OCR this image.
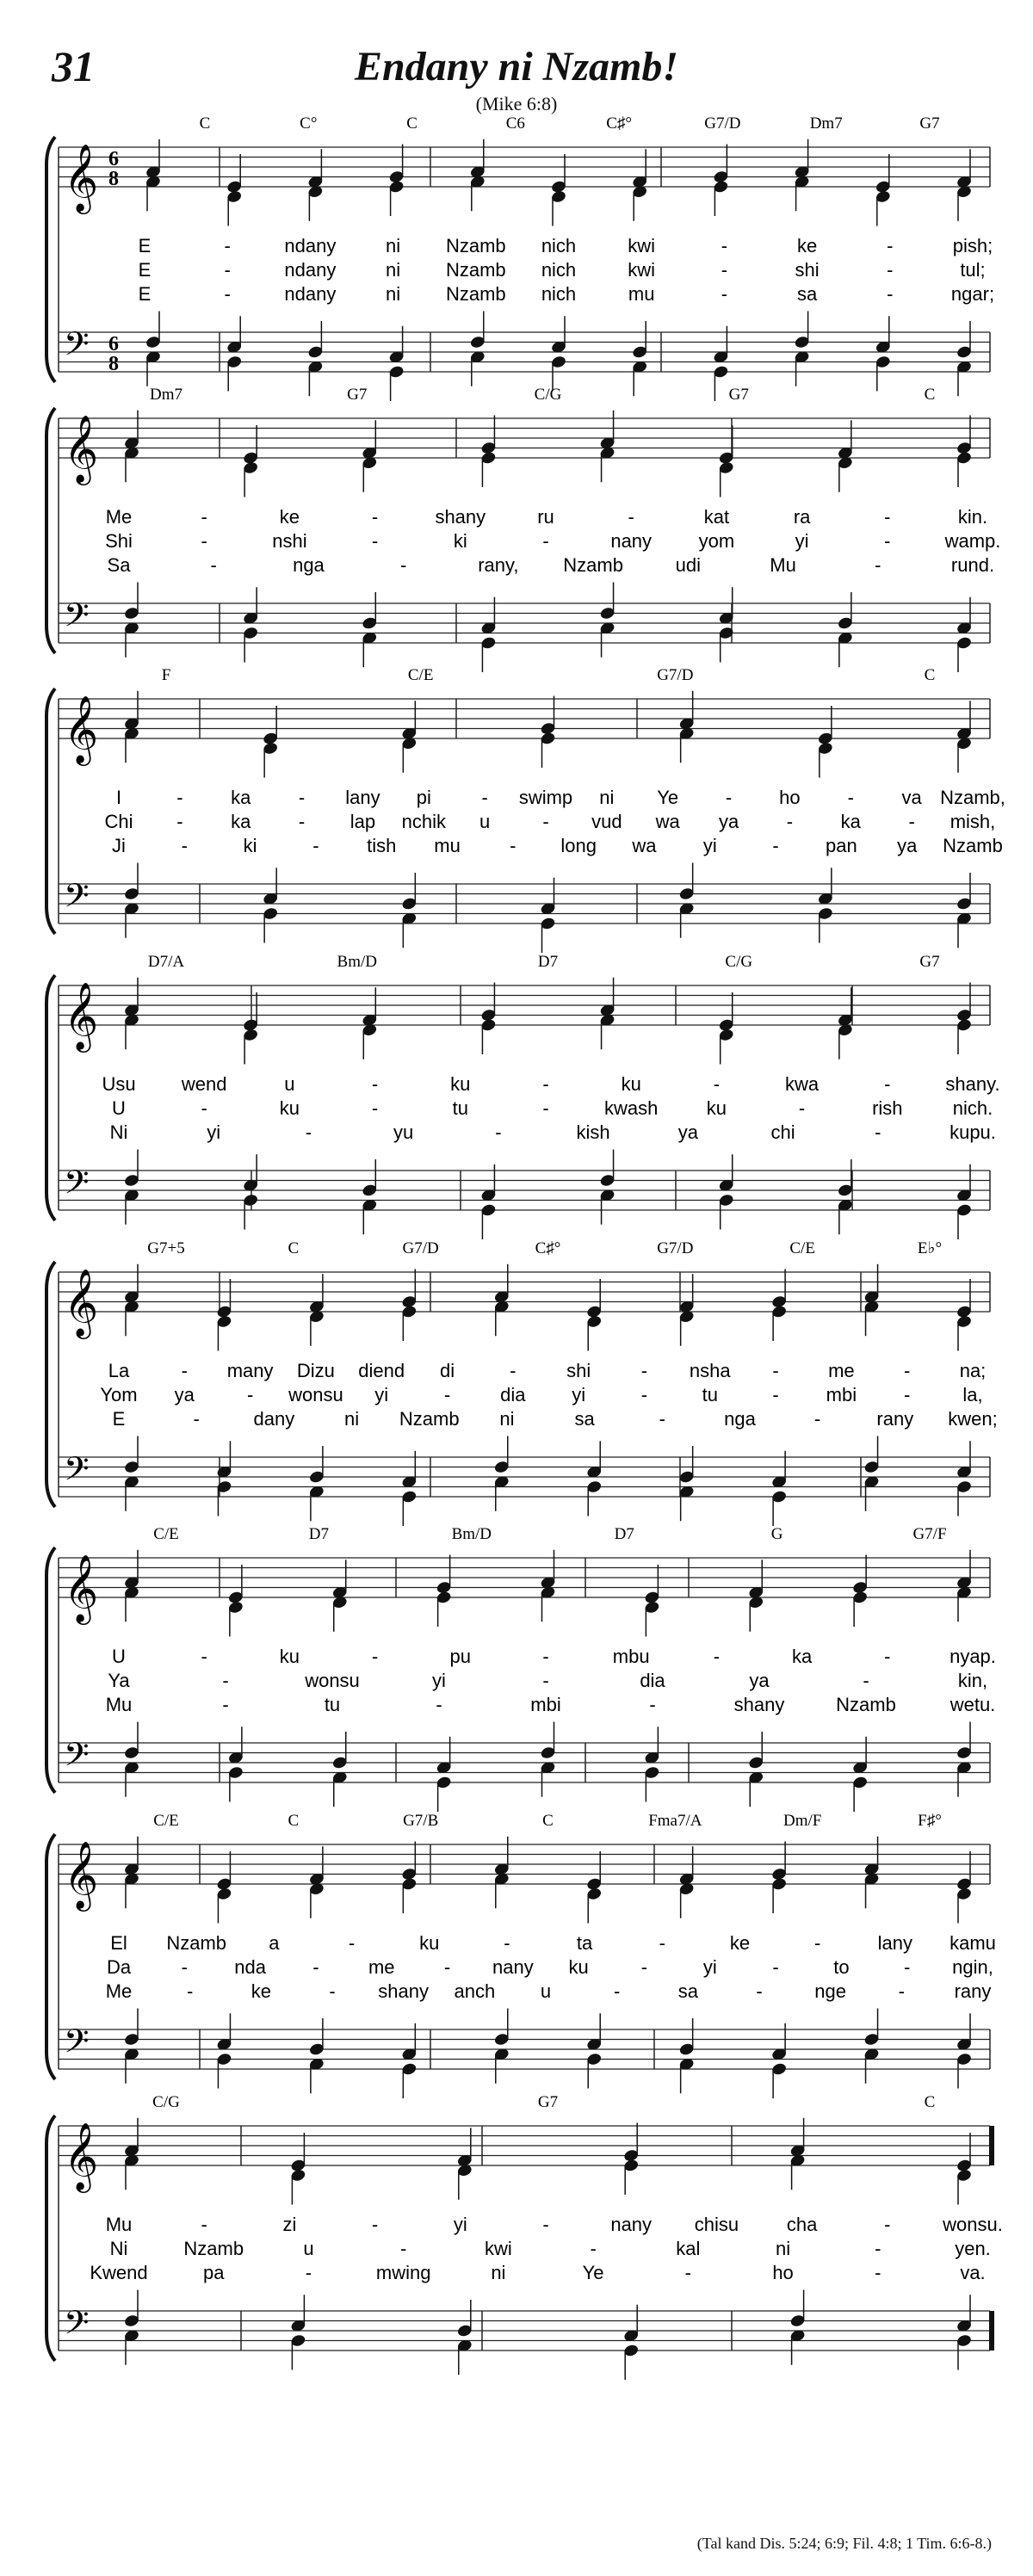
31	Endany ni Nzamb!
(Mike 6:8)
𝄞
𝄢
6
8
6
8
C	C°	C	C6	C♯°	G7/D	Dm7	G7
E	-	ndany	ni Nzamb nich	kwi	-	ke	-	pish;
E	-	ndany	ni Nzamb nich	kwi	-	shi	-	tul;
E	-	ndany	ni Nzamb nich	mu	-	sa	-	ngar;
𝄞
𝄢
Dm7	G7	C/G	G7	C
Me	-	ke	-	shany	ru	-	kat	ra	-	kin.
Shi	-	nshi	-	ki	-	nany yom	yi	-	wamp.
Sa	-	nga	-	rany, Nzamb	udi	Mu	-	rund.
𝄞
𝄢
F	C/E	G7/D	C
I	-	ka	- lany pi	- swimp ni Ye - ho -	va Nzamb,
Chi -	ka	- lap nchik u	- vud wa ya	-	ka	- mish,
Ji	-	ki	-	tish mu	- long wa yi	- pan ya Nzamb
𝄞
𝄢
D7/A	Bm/D	D7	C/G	G7
Usu wend	u	-	ku	-	ku	-	kwa	-	shany.
U	-	ku	-	tu	-	kwash	ku	-	rish	nich.
Ni	yi	-	yu	-	kish	ya	chi	-	kupu.
𝄞
𝄢
G7+5	C	G7/D	C♯°	G7/D	C/E	E♭°
La	- many Dizu diend di	-	shi	- nsha -	me	-	na;
Yom ya	- wonsu yi	-	dia yi	-	tu	- mbi -	la,
E	-	dany	ni Nzamb ni	sa	-	nga	-	rany kwen;
𝄞
𝄢
C/E	D7	Bm/D	D7	G	G7/F
U	-	ku	-	pu	-	mbu	-	ka	-	nyap.
Ya	-	wonsu	yi	-	dia	ya	-	kin,
Mu	-	tu	-	mbi	-	shany	Nzamb	wetu.
𝄞
𝄢
C/E	C	G7/B	C	Fma7/A	Dm/F	F♯°
El Nzamb a	-	ku	-	ta	-	ke	-	lany kamu
Da	- nda -	me	- nany ku	-	yi	-	to	- ngin,
Me	-	ke	- shany anch u	-	sa	-	nge	-	rany
𝄞
𝄢
C/G	G7	C
Mu	-	zi	-	yi	-	nany chisu	cha	-	wonsu.
Ni	Nzamb	u	-	kwi	-	kal	ni	-	yen.
Kwend	pa	-	mwing	ni	Ye	-	ho	-	va.
(Tal kand Dis. 5:24; 6:9; Fil. 4:8; 1 Tim. 6:6-8.)
